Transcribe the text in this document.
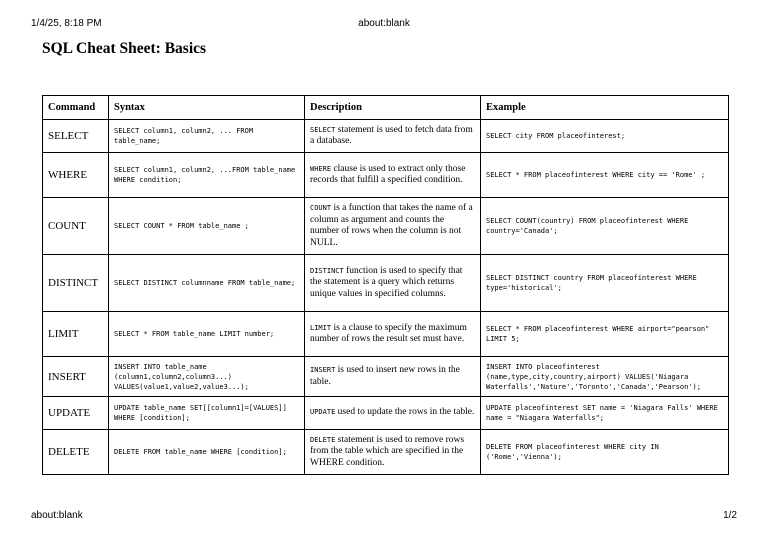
1/4/25, 8:18 PM	about:blank
SQL Cheat Sheet: Basics
Command	Syntax	Description	Example
SELECT	SELECT column1, column2, ... FROM table_name;	SELECT statement is used to fetch data from a database.	SELECT city FROM placeofinterest;
WHERE	SELECT column1, column2, ...FROM table_name WHERE condition;	WHERE clause is used to extract only those records that fulfill a specified condition.	SELECT * FROM placeofinterest WHERE city == 'Rome' ;
COUNT	SELECT COUNT * FROM table_name ;	COUNT is a function that takes the name of a column as argument and counts the number of rows when the column is not NULL.	SELECT COUNT(country) FROM placeofinterest WHERE country='Canada';
DISTINCT	SELECT DISTINCT columnname FROM table_name;	DISTINCT function is used to specify that the statement is a query which returns unique values in specified columns.	SELECT DISTINCT country FROM placeofinterest WHERE type='historical';
LIMIT	SELECT * FROM table_name LIMIT number;	LIMIT is a clause to specify the maximum number of rows the result set must have.	SELECT * FROM placeofinterest WHERE airport="pearson" LIMIT 5;
INSERT	INSERT INTO table_name (column1,column2,column3...) VALUES(value1,value2,value3...);	INSERT is used to insert new rows in the table.	INSERT INTO placeofinterest (name,type,city,country,airport) VALUES('Niagara Waterfalls','Nature','Toronto','Canada','Pearson');
UPDATE	UPDATE table_name SET[[column1]=[VALUES]] WHERE [condition];	UPDATE used to update the rows in the table.	UPDATE placeofinterest SET name = 'Niagara Falls' WHERE name = "Niagara Waterfalls";
DELETE	DELETE FROM table_name WHERE [condition];	DELETE statement is used to remove rows from the table which are specified in the WHERE condition.	DELETE FROM placeofinterest WHERE city IN ('Rome','Vienna');
about:blank	1/2
